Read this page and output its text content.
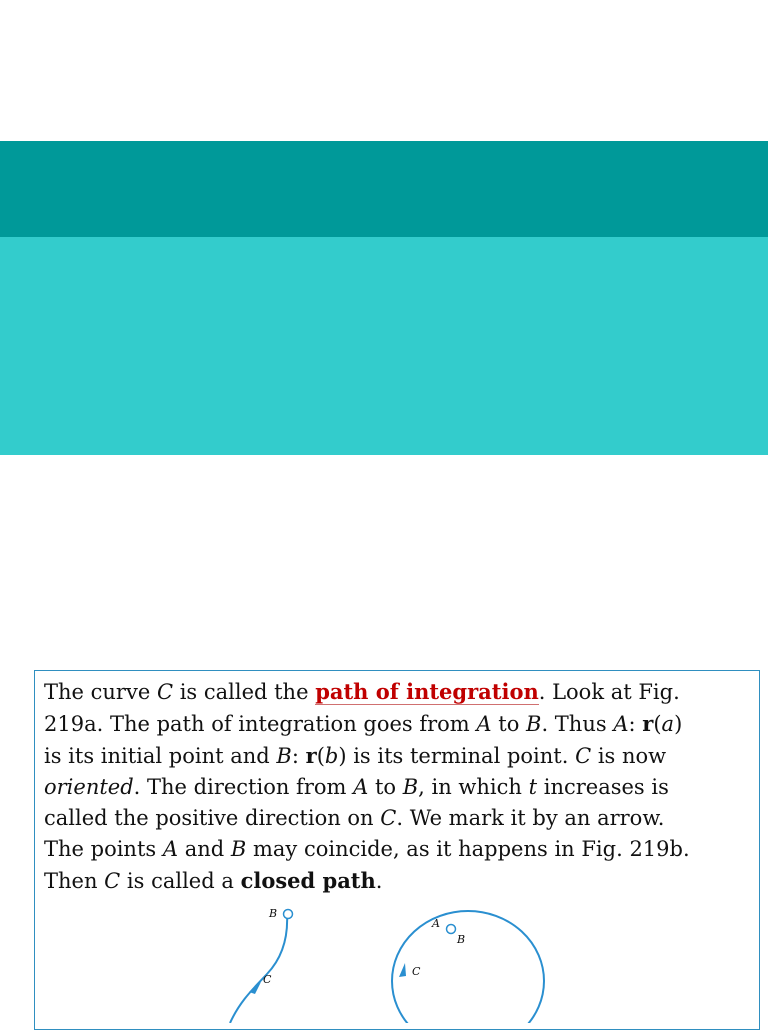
The curve C is called the path of integration. Look at Fig.
219a. The path of integration goes from A to B. Thus A: r(a)
is its initial point and B: r(b) is its terminal point. C is now
oriented. The direction from A to B, in which t increases is
called the positive direction on C. We mark it by an arrow.
The points A and B may coincide, as it happens in Fig. 219b.
Then C is called a closed path.

B
C
A
B
C
